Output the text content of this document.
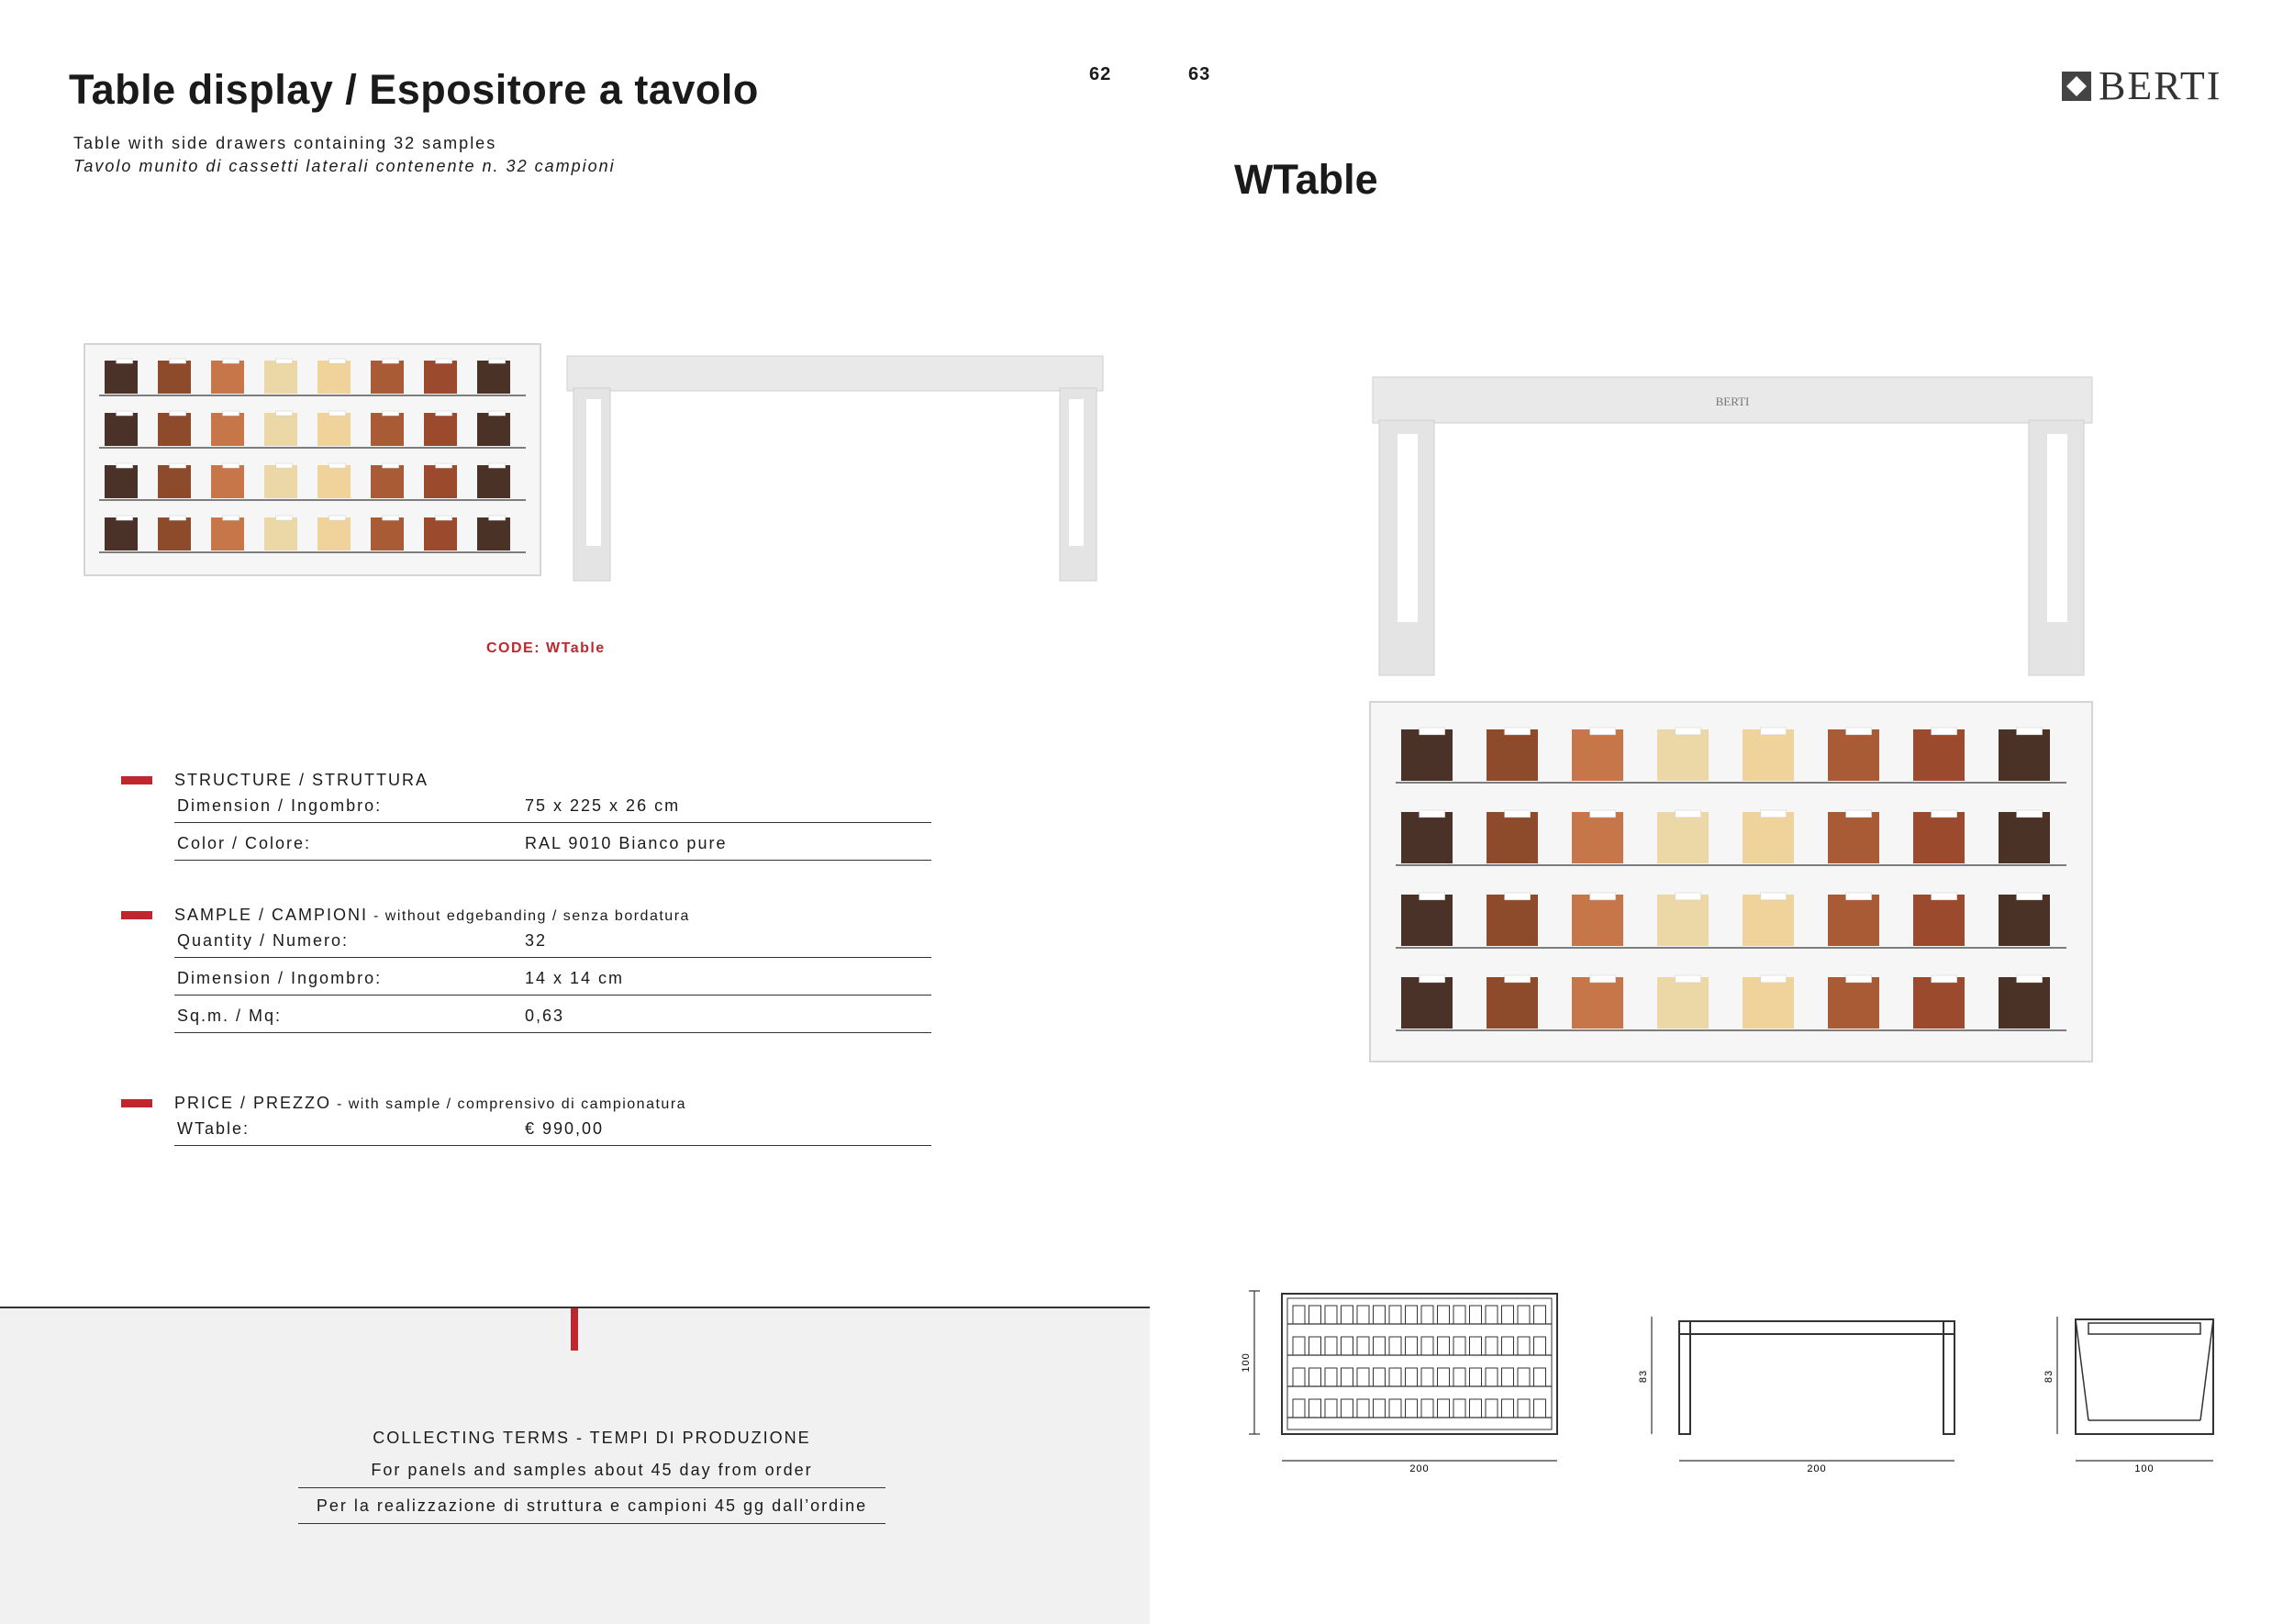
Table display / Espositore a tavolo
Table with side drawers containing 32 samples
Tavolo munito di cassetti laterali contenente n. 32 campioni
62	63
CODE: WTable
STRUCTURE / STRUTTURA
Dimension / Ingombro:	75 x 225 x 26 cm
Color / Colore:	RAL 9010 Bianco pure
SAMPLE / CAMPIONI - without edgebanding / senza bordatura
Quantity / Numero:	32
Dimension / Ingombro:	14 x 14 cm
Sq.m. / Mq:	0,63
PRICE / PREZZO - with sample / comprensivo di campionatura
WTable:	€ 990,00
COLLECTING TERMS - TEMPI DI PRODUZIONE
For panels and samples about 45 day from order
Per la realizzazione di struttura e campioni 45 gg dall’ordine
BERTI
WTable
BERTI
100
200
83
200
83
100
